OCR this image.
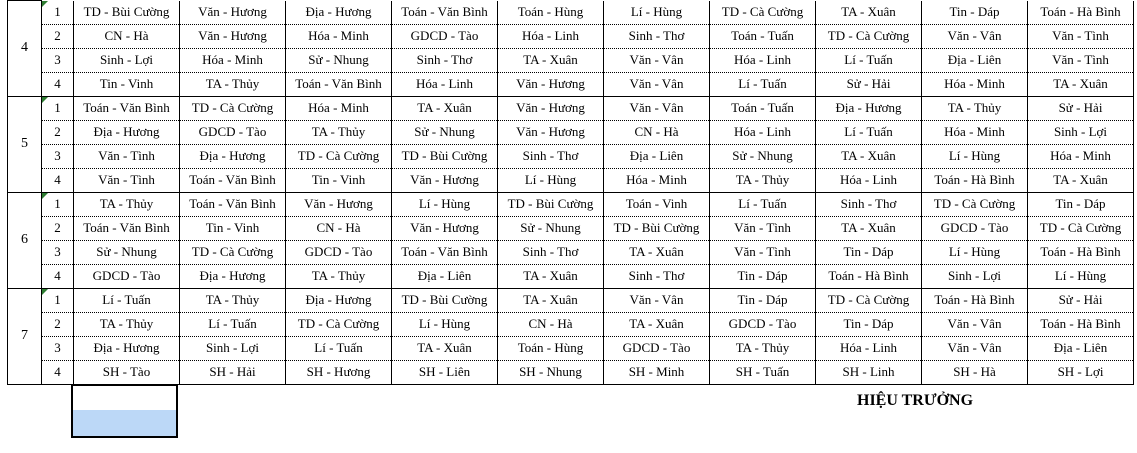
4	1	TD - Bùi Cường	Văn - Hương	Địa - Hương	Toán - Văn Bình	Toán - Hùng	Lí - Hùng	TD - Cà Cường	TA - Xuân	Tin - Dáp	Toán - Hà Bình
	2	CN - Hà	Văn - Hương	Hóa - Minh	GDCD - Tào	Hóa - Linh	Sinh - Thơ	Toán - Tuấn	TD - Cà Cường	Văn - Vân	Văn - Tình
	3	Sinh - Lợi	Hóa - Minh	Sử - Nhung	Sinh - Thơ	TA - Xuân	Văn - Vân	Hóa - Linh	Lí - Tuấn	Địa - Liên	Văn - Tình
	4	Tin - Vinh	TA - Thủy	Toán - Văn Bình	Hóa - Linh	Văn - Hương	Văn - Vân	Lí - Tuấn	Sử - Hải	Hóa - Minh	TA - Xuân
5	1	Toán - Văn Bình	TD - Cà Cường	Hóa - Minh	TA - Xuân	Văn - Hương	Văn - Vân	Toán - Tuấn	Địa - Hương	TA - Thủy	Sử - Hải
	2	Địa - Hương	GDCD - Tào	TA - Thủy	Sử - Nhung	Văn - Hương	CN - Hà	Hóa - Linh	Lí - Tuấn	Hóa - Minh	Sinh - Lợi
	3	Văn - Tình	Địa - Hương	TD - Cà Cường	TD - Bùi Cường	Sinh - Thơ	Địa - Liên	Sử - Nhung	TA - Xuân	Lí - Hùng	Hóa - Minh
	4	Văn - Tình	Toán - Văn Bình	Tin - Vinh	Văn - Hương	Lí - Hùng	Hóa - Minh	TA - Thủy	Hóa - Linh	Toán - Hà Bình	TA - Xuân
6	1	TA - Thủy	Toán - Văn Bình	Văn - Hương	Lí - Hùng	TD - Bùi Cường	Toán - Vinh	Lí - Tuấn	Sinh - Thơ	TD - Cà Cường	Tin - Dáp
	2	Toán - Văn Bình	Tin - Vinh	CN - Hà	Văn - Hương	Sử - Nhung	TD - Bùi Cường	Văn - Tình	TA - Xuân	GDCD - Tào	TD - Cà Cường
	3	Sử - Nhung	TD - Cà Cường	GDCD - Tào	Toán - Văn Bình	Sinh - Thơ	TA - Xuân	Văn - Tình	Tin - Dáp	Lí - Hùng	Toán - Hà Bình
	4	GDCD - Tào	Địa - Hương	TA - Thủy	Địa - Liên	TA - Xuân	Sinh - Thơ	Tin - Dáp	Toán - Hà Bình	Sinh - Lợi	Lí - Hùng
7	1	Lí - Tuấn	TA - Thủy	Địa - Hương	TD - Bùi Cường	TA - Xuân	Văn - Vân	Tin - Dáp	TD - Cà Cường	Toán - Hà Bình	Sử - Hải
	2	TA - Thủy	Lí - Tuấn	TD - Cà Cường	Lí - Hùng	CN - Hà	TA - Xuân	GDCD - Tào	Tin - Dáp	Văn - Vân	Toán - Hà Bình
	3	Địa - Hương	Sinh - Lợi	Lí - Tuấn	TA - Xuân	Toán - Hùng	GDCD - Tào	TA - Thủy	Hóa - Linh	Văn - Vân	Địa - Liên
	4	SH - Tào	SH - Hải	SH - Hương	SH - Liên	SH - Nhung	SH - Minh	SH - Tuấn	SH - Linh	SH - Hà	SH - Lợi
HIỆU TRƯỞNG
